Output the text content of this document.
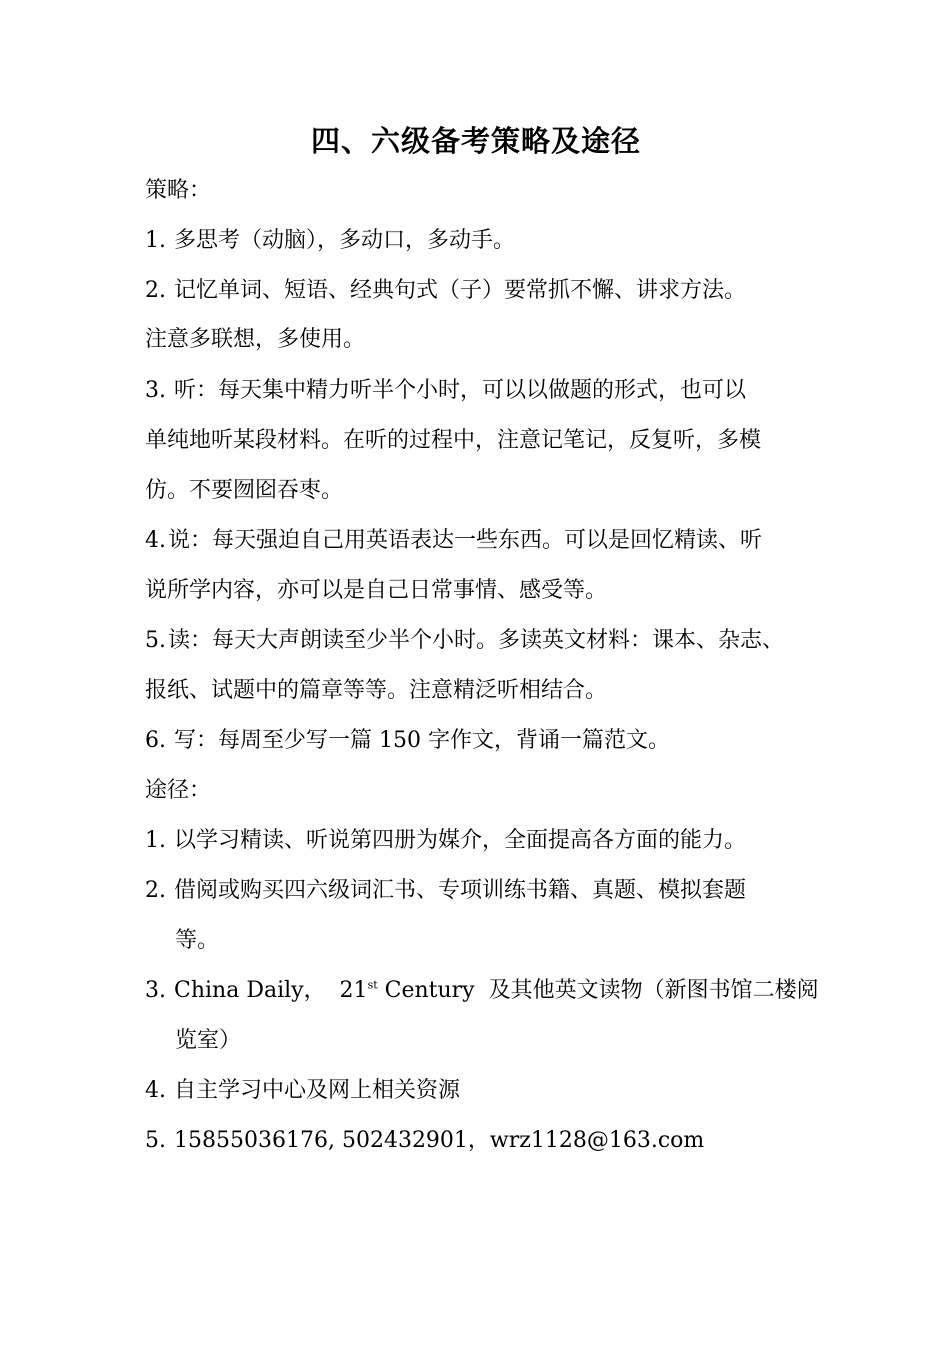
四、六级备考策略及途径
策略：
1. 多思考（动脑），多动口，多动手。
2. 记忆单词、短语、经典句式（子）要常抓不懈、讲求方法。
注意多联想，多使用。
3. 听：每天集中精力听半个小时，可以以做题的形式，也可以
单纯地听某段材料。在听的过程中，注意记笔记，反复听，多模
仿。不要囫囵吞枣。
4.说：每天强迫自己用英语表达一些东西。可以是回忆精读、听
说所学内容，亦可以是自己日常事情、感受等。
5.读：每天大声朗读至少半个小时。多读英文材料：课本、杂志、
报纸、试题中的篇章等等。注意精泛听相结合。
6. 写：每周至少写一篇 150 字作文，背诵一篇范文。
途径：
1. 以学习精读、听说第四册为媒介，全面提高各方面的能力。
2. 借阅或购买四六级词汇书、专项训练书籍、真题、模拟套题
等。
3. China Daily，  21st Century  及其他英文读物（新图书馆二楼阅
览室）
4. 自主学习中心及网上相关资源
5. 15855036176, 502432901，wrz1128@163.com
